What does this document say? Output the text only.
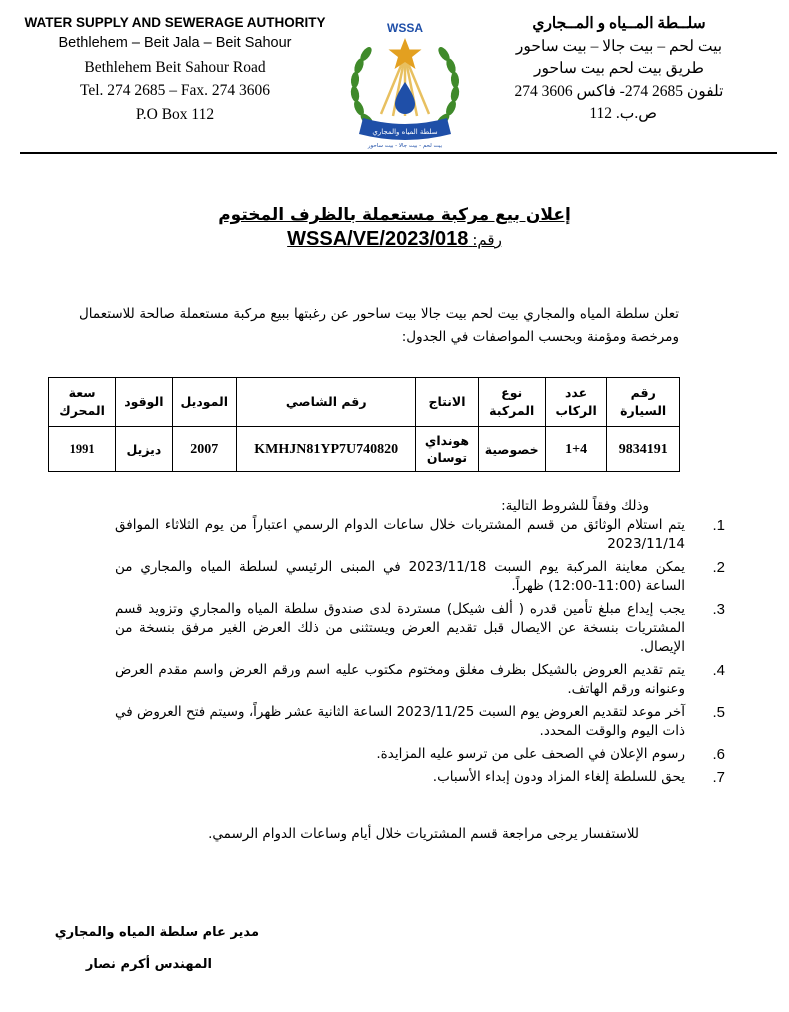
WATER SUPPLY AND SEWERAGE AUTHORITY
Bethlehem – Beit Jala – Beit Sahour
Bethlehem Beit Sahour Road
Tel. 274 2685 – Fax. 274 3606
P.O Box 112
سلــطة المــياه و المــجاري
بيت لحم – بيت جالا – بيت ساحور
طريق بيت لحم بيت ساحور
تلفون 2685 274- فاكس 3606 274
ص.ب. 112
WSSA
سلطة المياه والمجاري
بيت لحم - بيت جالا - بيت ساحور
إعلان بيع مركبة مستعملة بالظرف المختوم
رقم: WSSA/VE/2023/018
تعلن سلطة المياه والمجاري بيت لحم بيت جالا بيت ساحور عن رغبتها ببيع مركبة مستعملة صالحة للاستعمال ومرخصة ومؤمنة وبحسب المواصفات في الجدول:
رقم السيارة	عدد الركاب	نوع المركبة	الانتاج	رقم الشاصي	الموديل	الوقود	سعة المحرك
9834191	1+4	خصوصية	هونداي توسان	KMHJN81YP7U740820	2007	ديزيل	1991
وذلك وفقاً للشروط التالية:
.1
يتم استلام الوثائق من قسم المشتريات خلال ساعات الدوام الرسمي اعتباراً من يوم الثلاثاء الموافق 2023/11/14
.2
يمكن معاينة المركبة يوم السبت 2023/11/18 في المبنى الرئيسي لسلطة المياه والمجاري من الساعة (11:00-12:00) ظهراً.
.3
يجب إيداع مبلغ تأمين قدره ( ألف شيكل) مستردة لدى صندوق سلطة المياه والمجاري وتزويد قسم المشتريات بنسخة عن الايصال قبل تقديم العرض ويستثنى من ذلك العرض الغير مرفق بنسخة من الإيصال.
.4
يتم تقديم العروض بالشيكل بظرف مغلق ومختوم مكتوب عليه اسم ورقم العرض واسم مقدم العرض وعنوانه ورقم الهاتف.
.5
آخر موعد لتقديم العروض يوم السبت 2023/11/25 الساعة الثانية عشر ظهراً، وسيتم فتح العروض في ذات اليوم والوقت المحدد.
.6
رسوم الإعلان في الصحف على من ترسو عليه المزايدة.
.7
يحق للسلطة إلغاء المزاد ودون إبداء الأسباب.
للاستفسار يرجى مراجعة قسم المشتريات خلال أيام وساعات الدوام الرسمي.
مدير عام سلطة المياه والمجاري
المهندس أكرم نصار
